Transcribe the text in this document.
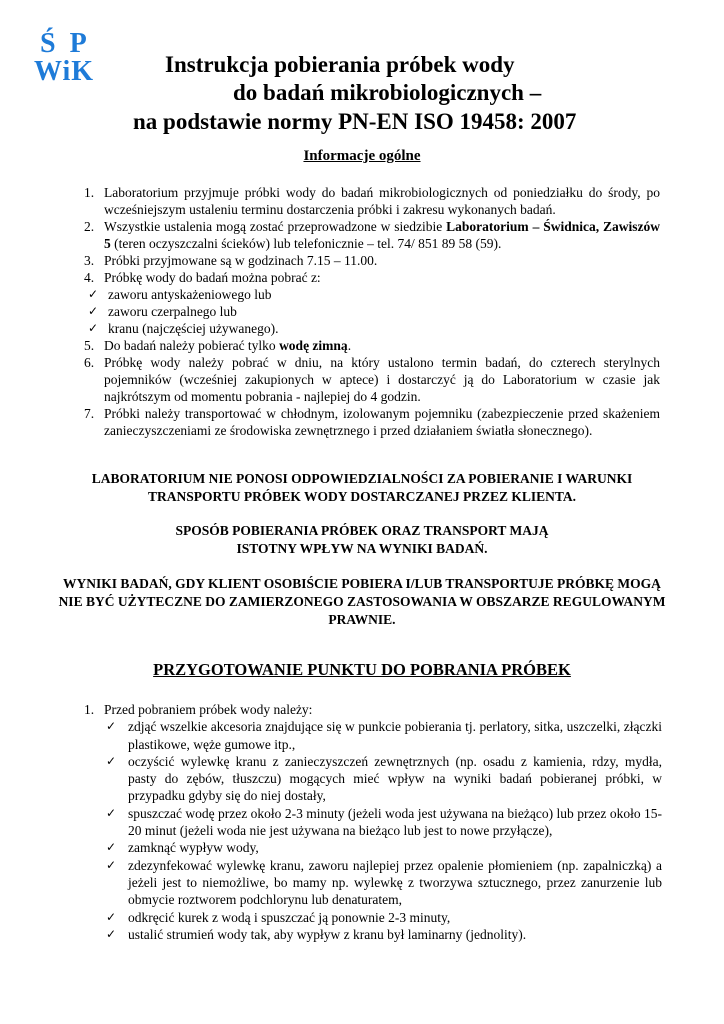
ŚP
WiK	Instrukcja pobierania próbek wody
do badań mikrobiologicznych –
na podstawie normy PN-EN ISO 19458: 2007
Informacje ogólne
1. Laboratorium przyjmuje próbki wody do badań mikrobiologicznych od poniedziałku do środy, po wcześniejszym ustaleniu terminu dostarczenia próbki i zakresu wykonanych badań.
2. Wszystkie ustalenia mogą zostać przeprowadzone w siedzibie Laboratorium – Świdnica, Zawiszów 5 (teren oczyszczalni ścieków) lub telefonicznie – tel. 74/ 851 89 58 (59).
3. Próbki przyjmowane są w godzinach 7.15 – 11.00.
4. Próbkę wody do badań można pobrać z:
✓ zaworu antyskażeniowego lub
✓ zaworu czerpalnego lub
✓ kranu (najczęściej używanego).
5. Do badań należy pobierać tylko wodę zimną.
6. Próbkę wody należy pobrać w dniu, na który ustalono termin badań, do czterech sterylnych pojemników (wcześniej zakupionych w aptece) i dostarczyć ją do Laboratorium w czasie jak najkrótszym od momentu pobrania - najlepiej do 4 godzin.
7. Próbki należy transportować w chłodnym, izolowanym pojemniku (zabezpieczenie przed skażeniem zanieczyszczeniami ze środowiska zewnętrznego i przed działaniem światła słonecznego).
LABORATORIUM NIE PONOSI ODPOWIEDZIALNOŚCI ZA POBIERANIE I WARUNKI TRANSPORTU PRÓBEK WODY DOSTARCZANEJ PRZEZ KLIENTA.
SPOSÓB POBIERANIA PRÓBEK ORAZ TRANSPORT MAJĄ ISTOTNY WPŁYW NA WYNIKI BADAŃ.
WYNIKI BADAŃ, GDY KLIENT OSOBIŚCIE POBIERA I/LUB TRANSPORTUJE PRÓBKĘ MOGĄ NIE BYĆ UŻYTECZNE DO ZAMIERZONEGO ZASTOSOWANIA W OBSZARZE REGULOWANYM PRAWNIE.
PRZYGOTOWANIE PUNKTU DO POBRANIA PRÓBEK
1. Przed pobraniem próbek wody należy:
✓ zdjąć wszelkie akcesoria znajdujące się w punkcie pobierania tj. perlatory, sitka, uszczelki, złączki plastikowe, węże gumowe itp.,
✓ oczyścić wylewkę kranu z zanieczyszczeń zewnętrznych (np. osadu z kamienia, rdzy, mydła, pasty do zębów, tłuszczu) mogących mieć wpływ na wyniki badań pobieranej próbki, w przypadku gdyby się do niej dostały,
✓ spuszczać wodę przez około 2-3 minuty (jeżeli woda jest używana na bieżąco) lub przez około 15-20 minut (jeżeli woda nie jest używana na bieżąco lub jest to nowe przyłącze),
✓ zamknąć wypływ wody,
✓ zdezynfekować wylewkę kranu, zaworu najlepiej przez opalenie płomieniem (np. zapalniczką) a jeżeli jest to niemożliwe, bo mamy np. wylewkę z tworzywa sztucznego, przez zanurzenie lub obmycie roztworem podchlorynu lub denaturatem,
✓ odkręcić kurek z wodą i spuszczać ją ponownie 2-3 minuty,
✓ ustalić strumień wody tak, aby wypływ z kranu był laminarny (jednolity).
